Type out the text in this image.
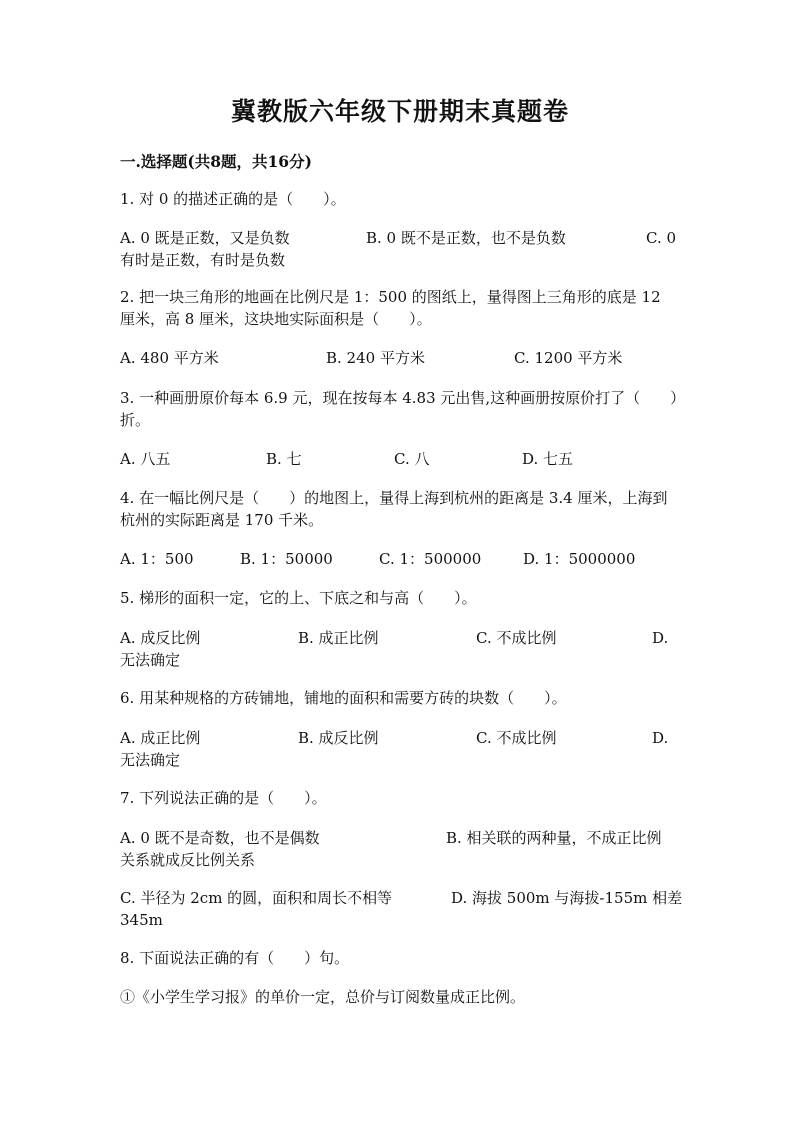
冀教版六年级下册期末真题卷
一.选择题(共8题，共16分)
1. 对 0 的描述正确的是（　　）。
A. 0 既是正数，又是负数	B. 0 既不是正数，也不是负数	C. 0
有时是正数，有时是负数
2. 把一块三角形的地画在比例尺是 1：500 的图纸上，量得图上三角形的底是 12 厘米，高 8 厘米，这块地实际面积是（　　）。
A. 480 平方米	B. 240 平方米	C. 1200 平方米
3. 一种画册原价每本 6.9 元，现在按每本 4.83 元出售,这种画册按原价打了（　　）折。
A. 八五	B. 七	C. 八	D. 七五
4. 在一幅比例尺是（　　）的地图上，量得上海到杭州的距离是 3.4 厘米，上海到杭州的实际距离是 170 千米。
A. 1：500	B. 1：50000	C. 1：500000	D. 1：5000000
5. 梯形的面积一定，它的上、下底之和与高（　　）。
A. 成反比例	B. 成正比例	C. 不成比例	D.
无法确定
6. 用某种规格的方砖铺地，铺地的面积和需要方砖的块数（　　）。
A. 成正比例	B. 成反比例	C. 不成比例	D.
无法确定
7. 下列说法正确的是（　　）。
A. 0 既不是奇数，也不是偶数	B. 相关联的两种量，不成正比例
关系就成反比例关系
C. 半径为 2cm 的圆，面积和周长不相等	D. 海拔 500m 与海拔-155m 相差
345m
8. 下面说法正确的有（　　）句。
①《小学生学习报》的单价一定，总价与订阅数量成正比例。
